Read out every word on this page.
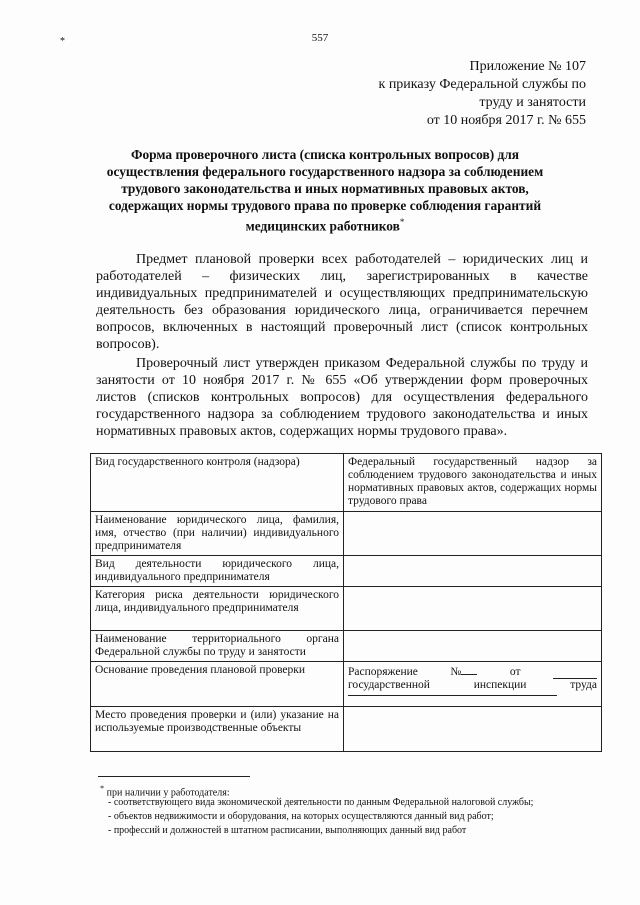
557
*
Приложение № 107
к приказу Федеральной службы по
труду и занятости
от 10 ноября 2017 г. № 655
Форма проверочного листа (списка контрольных вопросов) для осуществления федерального государственного надзора за соблюдением трудового законодательства и иных нормативных правовых актов, содержащих нормы трудового права по проверке соблюдения гарантий медицинских работников*
Предмет плановой проверки всех работодателей – юридических лиц и работодателей – физических лиц, зарегистрированных в качестве индивидуальных предпринимателей и осуществляющих предпринимательскую деятельность без образования юридического лица, ограничивается перечнем вопросов, включенных в настоящий проверочный лист (список контрольных вопросов).
Проверочный лист утвержден приказом Федеральной службы по труду и занятости от 10 ноября 2017 г. № 655 «Об утверждении форм проверочных листов (списков контрольных вопросов) для осуществления федерального государственного надзора за соблюдением трудового законодательства и иных нормативных правовых актов, содержащих нормы трудового права».
Вид государственного контроля (надзора)	Федеральный государственный надзор за соблюдением трудового законодательства и иных нормативных правовых актов, содержащих нормы трудового права
Наименование юридического лица, фамилия, имя, отчество (при наличии) индивидуального предпринимателя	
Вид деятельности юридического лица, индивидуального предпринимателя	
Категория риска деятельности юридического лица, индивидуального предпринимателя	
Наименование территориального органа Федеральной службы по труду и занятости	
Основание проведения плановой проверки	Распоряжение № от
государственной инспекции труда

Место проведения проверки и (или) указание на используемые производственные объекты	
* при наличии у работодателя:
- соответствующего вида экономической деятельности по данным Федеральной налоговой службы;
- объектов недвижимости и оборудования, на которых осуществляются данный вид работ;
- профессий и должностей в штатном расписании, выполняющих данный вид работ
